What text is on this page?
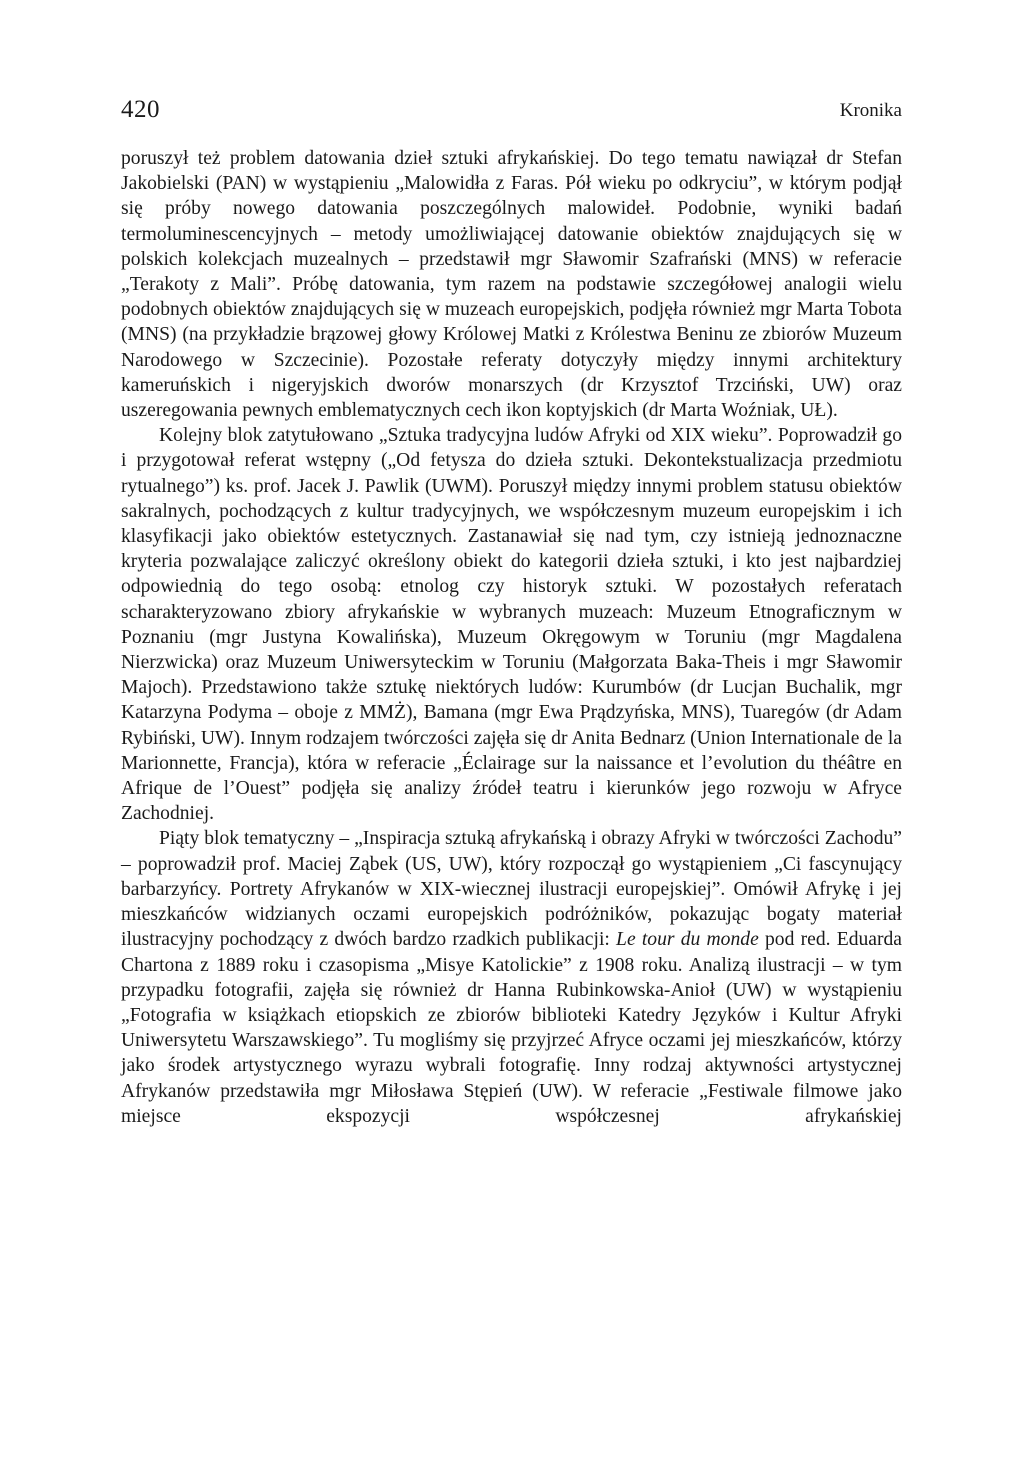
420	Kronika

poruszył też problem datowania dzieł sztuki afrykańskiej. Do tego tematu nawiązał dr Stefan Jakobielski (PAN) w wystąpieniu „Malowidła z Faras. Pół wieku po odkryciu”, w którym podjął się próby nowego datowania poszczególnych malowideł. Podobnie, wyniki badań termoluminescencyjnych – metody umożliwiającej datowanie obiektów znajdujących się w polskich kolekcjach muzealnych – przedstawił mgr Sławomir Szafrański (MNS) w referacie „Terakoty z Mali”. Próbę datowania, tym razem na podstawie szczegółowej analogii wielu podobnych obiektów znajdujących się w muzeach europejskich, podjęła również mgr Marta Tobota (MNS) (na przykładzie brązowej głowy Królowej Matki z Królestwa Beninu ze zbiorów Muzeum Narodowego w Szczecinie). Pozostałe referaty dotyczyły między innymi architektury kameruńskich i nigeryjskich dworów monarszych (dr Krzysztof Trzciński, UW) oraz uszeregowania pewnych emblematycznych cech ikon koptyjskich (dr Marta Woźniak, UŁ).

Kolejny blok zatytułowano „Sztuka tradycyjna ludów Afryki od XIX wieku”. Poprowadził go i przygotował referat wstępny („Od fetysza do dzieła sztuki. Dekontekstualizacja przedmiotu rytualnego”) ks. prof. Jacek J. Pawlik (UWM). Poruszył między innymi problem statusu obiektów sakralnych, pochodzących z kultur tradycyjnych, we współczesnym muzeum europejskim i ich klasyfikacji jako obiektów estetycznych. Zastanawiał się nad tym, czy istnieją jednoznaczne kryteria pozwalające zaliczyć określony obiekt do kategorii dzieła sztuki, i kto jest najbardziej odpowiednią do tego osobą: etnolog czy historyk sztuki. W pozostałych referatach scharakteryzowano zbiory afrykańskie w wybranych muzeach: Muzeum Etnograficznym w Poznaniu (mgr Justyna Kowalińska), Muzeum Okręgowym w Toruniu (mgr Magdalena Nierzwicka) oraz Muzeum Uniwersyteckim w Toruniu (Małgorzata Baka-Theis i mgr Sławomir Majoch). Przedstawiono także sztukę niektórych ludów: Kurumbów (dr Lucjan Buchalik, mgr Katarzyna Podyma – oboje z MMŻ), Bamana (mgr Ewa Prądzyńska, MNS), Tuaregów (dr Adam Rybiński, UW). Innym rodzajem twórczości zajęła się dr Anita Bednarz (Union Internationale de la Marionnette, Francja), która w referacie „Éclairage sur la naissance et l’evolution du théâtre en Afrique de l’Ouest” podjęła się analizy źródeł teatru i kierunków jego rozwoju w Afryce Zachodniej.

Piąty blok tematyczny – „Inspiracja sztuką afrykańską i obrazy Afryki w twórczości Zachodu” – poprowadził prof. Maciej Ząbek (US, UW), który rozpoczął go wystąpieniem „Ci fascynujący barbarzyńcy. Portrety Afrykanów w XIX-wiecznej ilustracji europejskiej”. Omówił Afrykę i jej mieszkańców widzianych oczami europejskich podróżników, pokazując bogaty materiał ilustracyjny pochodzący z dwóch bardzo rzadkich publikacji: Le tour du monde pod red. Eduarda Chartona z 1889 roku i czasopisma „Misye Katolickie” z 1908 roku. Analizą ilustracji – w tym przypadku fotografii, zajęła się również dr Hanna Rubinkowska-Anioł (UW) w wystąpieniu „Fotografia w książkach etiopskich ze zbiorów biblioteki Katedry Języków i Kultur Afryki Uniwersytetu Warszawskiego”. Tu mogliśmy się przyjrzeć Afryce oczami jej mieszkańców, którzy jako środek artystycznego wyrazu wybrali fotografię. Inny rodzaj aktywności artystycznej Afrykanów przedstawiła mgr Miłosława Stępień (UW). W referacie „Festiwale filmowe jako miejsce ekspozycji współczesnej afrykańskiej
